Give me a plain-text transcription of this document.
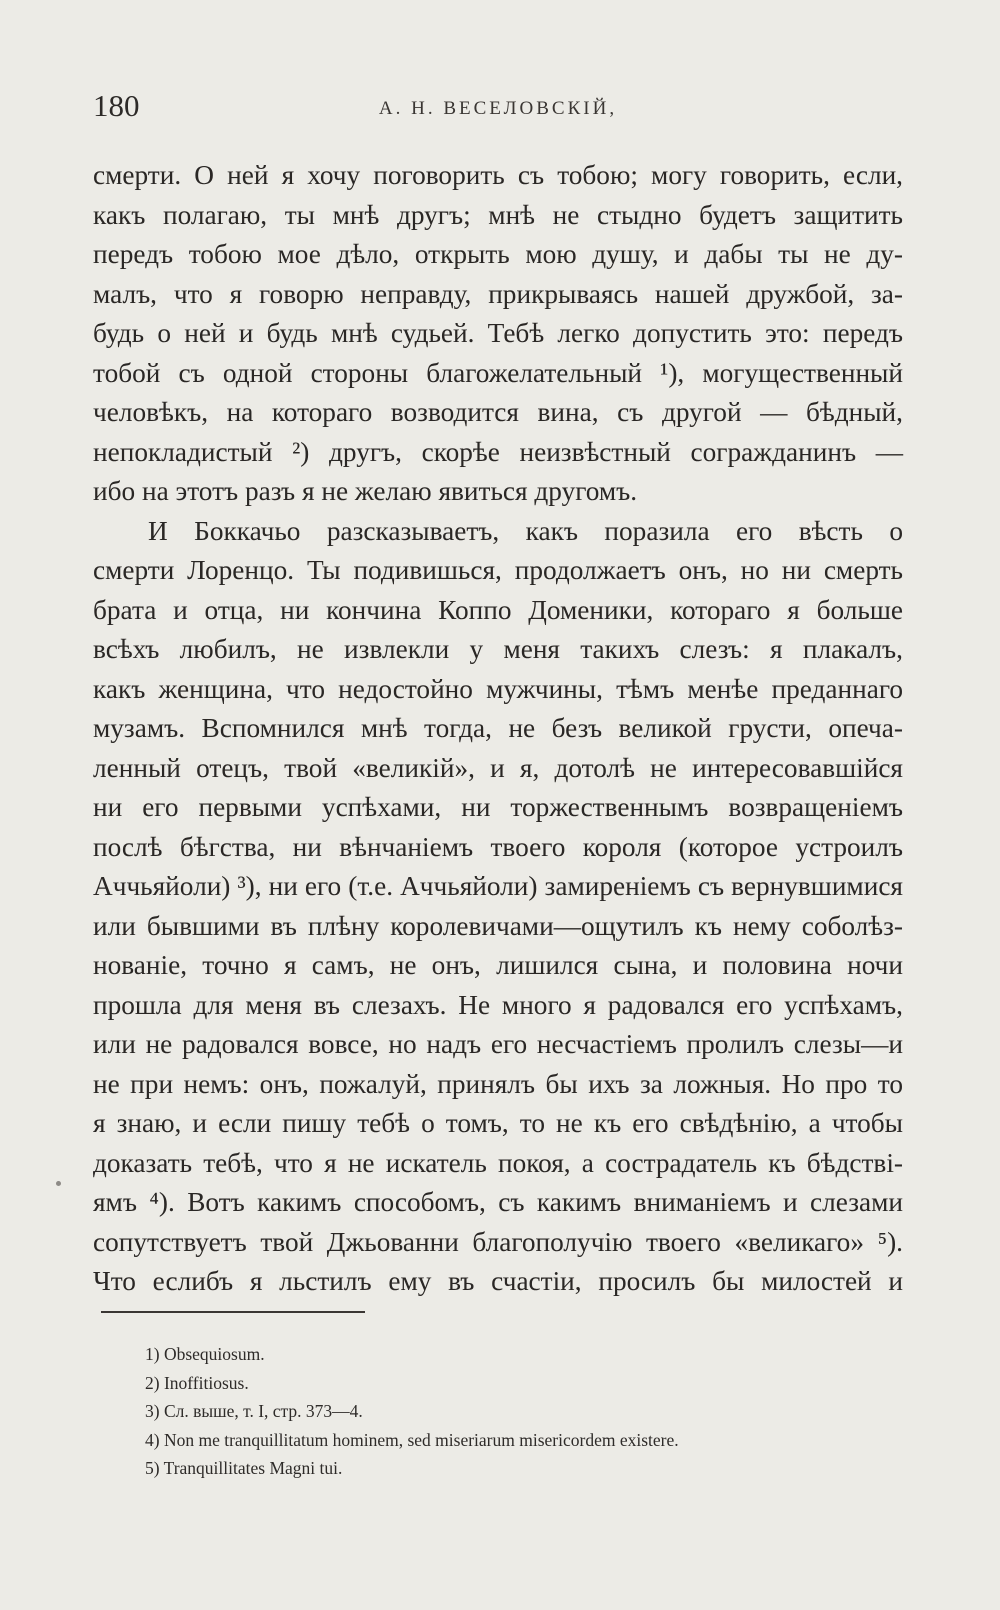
180	А. Н. ВЕСЕЛОВСКІЙ,
смерти. О ней я хочу поговорить съ тобою; могу говорить, если,
какъ полагаю, ты мнѣ другъ; мнѣ не стыдно будетъ защитить
передъ тобою мое дѣло, открыть мою душу, и дабы ты не ду-
малъ, что я говорю неправду, прикрываясь нашей дружбой, за-
будь о ней и будь мнѣ судьей. Тебѣ легко допустить это: передъ
тобой съ одной стороны благожелательный ¹), могущественный
человѣкъ, на котораго возводится вина, съ другой — бѣдный,
непокладистый ²) другъ, скорѣе неизвѣстный согражданинъ —
ибо на этотъ разъ я не желаю явиться другомъ.
И Боккачьо разсказываетъ, какъ поразила его вѣсть о
смерти Лоренцо. Ты подивишься, продолжаетъ онъ, но ни смерть
брата и отца, ни кончина Коппо Доменики, котораго я больше
всѣхъ любилъ, не извлекли у меня такихъ слезъ: я плакалъ,
какъ женщина, что недостойно мужчины, тѣмъ менѣе преданнаго
музамъ. Вспомнился мнѣ тогда, не безъ великой грусти, опеча-
ленный отецъ, твой «великій», и я, дотолѣ не интересовавшійся
ни его первыми успѣхами, ни торжественнымъ возвращеніемъ
послѣ бѣгства, ни вѣнчаніемъ твоего короля (которое устроилъ
Аччьяйоли) ³), ни его (т.е. Аччьяйоли) замиреніемъ съ вернувшимися
или бывшими въ плѣну королевичами—ощутилъ къ нему соболѣз-
нованіе, точно я самъ, не онъ, лишился сына, и половина ночи
прошла для меня въ слезахъ. Не много я радовался его успѣхамъ,
или не радовался вовсе, но надъ его несчастіемъ пролилъ слезы—и
не при немъ: онъ, пожалуй, принялъ бы ихъ за ложныя. Но про то
я знаю, и если пишу тебѣ о томъ, то не къ его свѣдѣнію, а чтобы
доказать тебѣ, что я не искатель покоя, а сострадатель къ бѣдстві-
ямъ ⁴). Вотъ какимъ способомъ, съ какимъ вниманіемъ и слезами
сопутствуетъ твой Джьованни благополучію твоего «великаго» ⁵).
Что еслибъ я льстилъ ему въ счастіи, просилъ бы милостей и
1) Obsequiosum.
2) Inoffitiosus.
3) Сл. выше, т. I, стр. 373—4.
4) Non me tranquillitatum hominem, sed miseriarum misericordem existere.
5) Tranquillitates Magni tui.
